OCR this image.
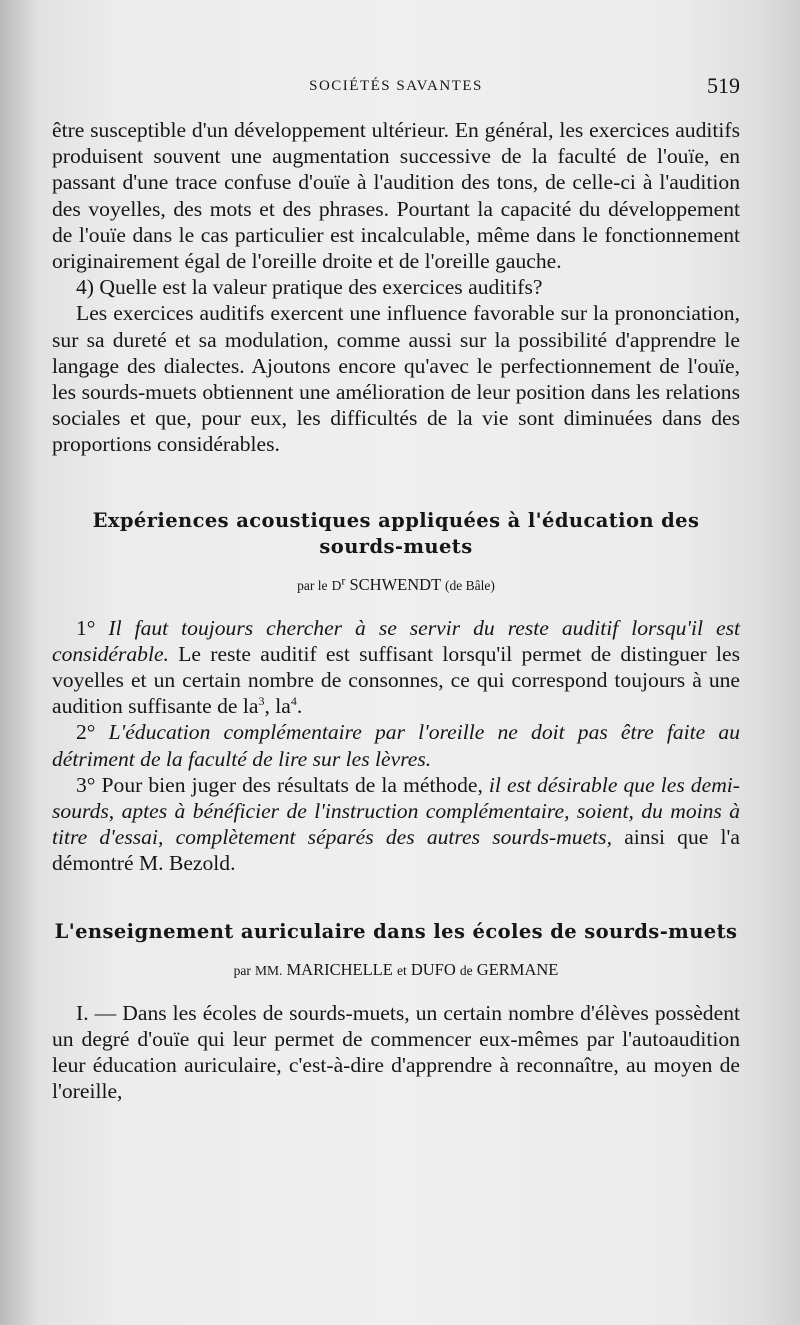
SOCIÉTÉS SAVANTES	519

être susceptible d'un développement ultérieur. En général, les exercices auditifs produisent souvent une augmentation successive de la faculté de l'ouïe, en passant d'une trace confuse d'ouïe à l'audition des tons, de celle-ci à l'audition des voyelles, des mots et des phrases. Pourtant la capacité du développement de l'ouïe dans le cas particulier est incalculable, même dans le fonctionnement originairement égal de l'oreille droite et de l'oreille gauche.

4) Quelle est la valeur pratique des exercices auditifs?

Les exercices auditifs exercent une influence favorable sur la prononciation, sur sa dureté et sa modulation, comme aussi sur la possibilité d'apprendre le langage des dialectes. Ajoutons encore qu'avec le perfectionnement de l'ouïe, les sourds-muets obtiennent une amélioration de leur position dans les relations sociales et que, pour eux, les difficultés de la vie sont diminuées dans des proportions considérables.

Expériences acoustiques appliquées à l'éducation des sourds-muets
par le $D^r$ SCHWENDT (de Bâle)

1° Il faut toujours chercher à se servir du reste auditif lorsqu'il est considérable. Le reste auditif est suffisant lorsqu'il permet de distinguer les voyelles et un certain nombre de consonnes, ce qui correspond toujours à une audition suffisante de $la^3$, $la^4$.

2° L'éducation complémentaire par l'oreille ne doit pas être faite au détriment de la faculté de lire sur les lèvres.

3° Pour bien juger des résultats de la méthode, il est désirable que les demi-sourds, aptes à bénéficier de l'instruction complémentaire, soient, du moins à titre d'essai, complètement séparés des autres sourds-muets, ainsi que l'a démontré M. Bezold.

L'enseignement auriculaire dans les écoles de sourds-muets
par MM. MARICHELLE et DUFO de GERMANE

I. — Dans les écoles de sourds-muets, un certain nombre d'élèves possèdent un degré d'ouïe qui leur permet de commencer eux-mêmes par l'autoaudition leur éducation auriculaire, c'est-à-dire d'apprendre à reconnaître, au moyen de l'oreille,
